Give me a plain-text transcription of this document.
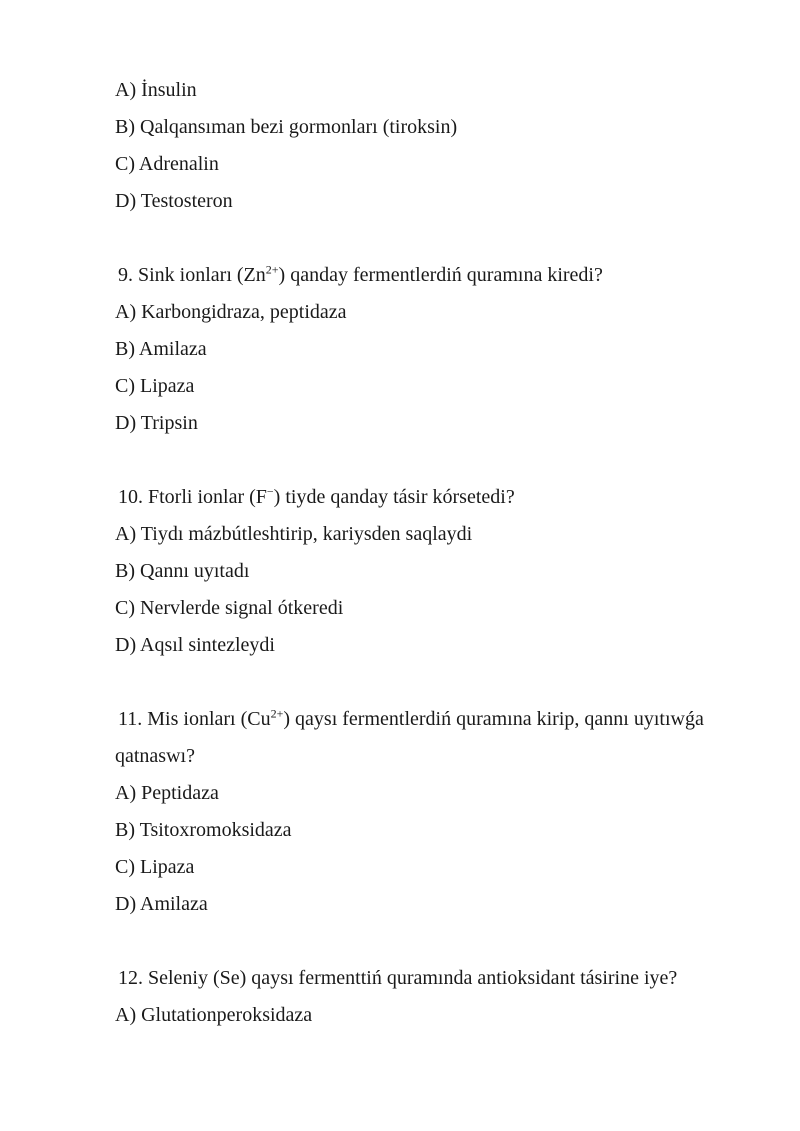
A) İnsulin
B) Qalqansıman bezi gormonları (tiroksin)
C) Adrenalin
D) Testosteron
9. Sink ionları $(Zn^{2+})$ qanday fermentlerdiń quramına kiredi?
A) Karbongidraza, peptidaza
B) Amilaza
C) Lipaza
D) Tripsin
10. Ftorli ionlar (F−) tiyde qanday tásir kórsetedi?
A) Tiydı mázbútleshtirip, kariysden saqlaydi
B) Qannı uyıtadı
C) Nervlerde signal ótkeredi
D) Aqsıl sintezleydi
11. Mis ionları $(Cu^{2+})$ qaysı fermentlerdiń quramına kirip, qannı uyıtıwǵa
qatnaswı?
A) Peptidaza
B) Tsitoxromoksidaza
C) Lipaza
D) Amilaza
12. Seleniy (Se) qaysı fermenttiń quramında antioksidant tásirine iye?
A) Glutationperoksidaza
